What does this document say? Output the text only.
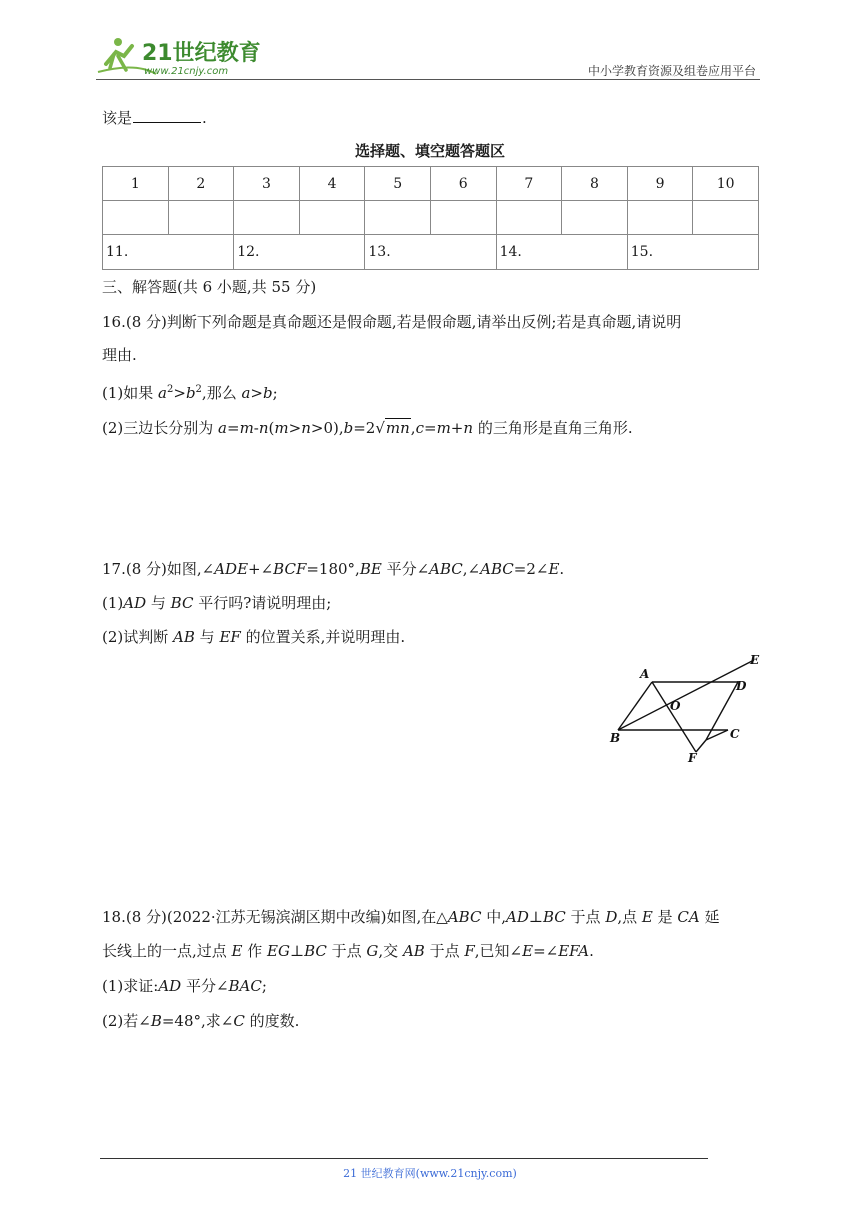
21世纪教育
www.21cnjy.com	中小学教育资源及组卷应用平台
该是	.
选择题、填空题答题区
1	2	3	4	5	6	7	8	9	10

11.		12.		13.		14.		15.	
三、解答题(共 6 小题,共 55 分)
16.(8 分)判断下列命题是真命题还是假命题,若是假命题,请举出反例;若是真命题,请说明
理由.
(1)如果 $a^2>b^2$,那么 a>b;
(2)三边长分别为 a=m-n(m>n>0),b=2√mn,c=m+n 的三角形是直角三角形.
17.(8 分)如图,∠ADE+∠BCF=180°,BE 平分∠ABC,∠ABC=2∠E.
(1)AD 与 BC 平行吗?请说明理由;
(2)试判断 AB 与 EF 的位置关系,并说明理由.
A
D
E
O
B	C
F
18.(8 分)(2022·江苏无锡滨湖区期中改编)如图,在△ABC 中,AD⊥BC 于点 D,点 E 是 CA 延
长线上的一点,过点 E 作 EG⊥BC 于点 G,交 AB 于点 F,已知∠E=∠EFA.
(1)求证:AD 平分∠BAC;
(2)若∠B=48°,求∠C 的度数.
21 世纪教育网(www.21cnjy.com)
